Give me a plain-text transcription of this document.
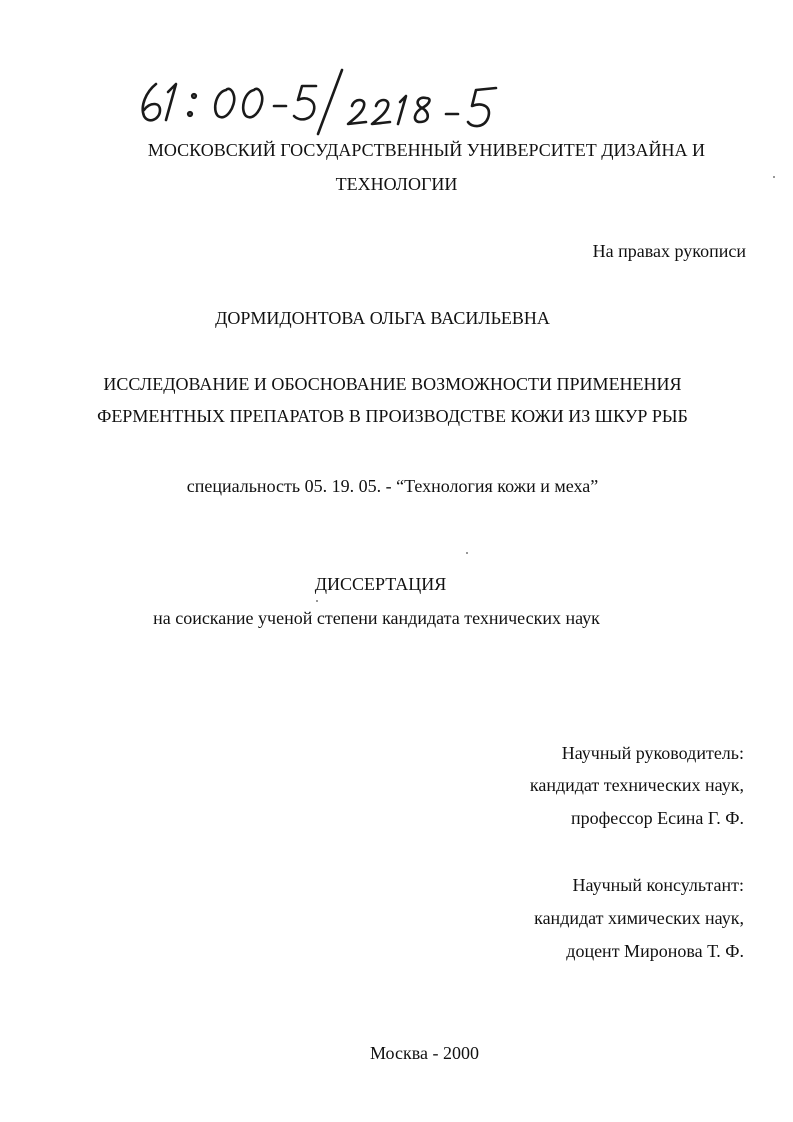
МОСКОВСКИЙ ГОСУДАРСТВЕННЫЙ УНИВЕРСИТЕТ ДИЗАЙНА И
ТЕХНОЛОГИИ
На правах рукописи
ДОРМИДОНТОВА ОЛЬГА ВАСИЛЬЕВНА
ИССЛЕДОВАНИЕ И ОБОСНОВАНИЕ ВОЗМОЖНОСТИ ПРИМЕНЕНИЯ
ФЕРМЕНТНЫХ ПРЕПАРАТОВ В ПРОИЗВОДСТВЕ КОЖИ ИЗ ШКУР РЫБ
специальность 05. 19. 05. - “Технология кожи и меха”
ДИССЕРТАЦИЯ
на соискание ученой степени кандидата технических наук
Научный руководитель:
кандидат технических наук,
профессор Есина Г. Ф.
Научный консультант:
кандидат химических наук,
доцент Миронова Т. Ф.
Москва - 2000
